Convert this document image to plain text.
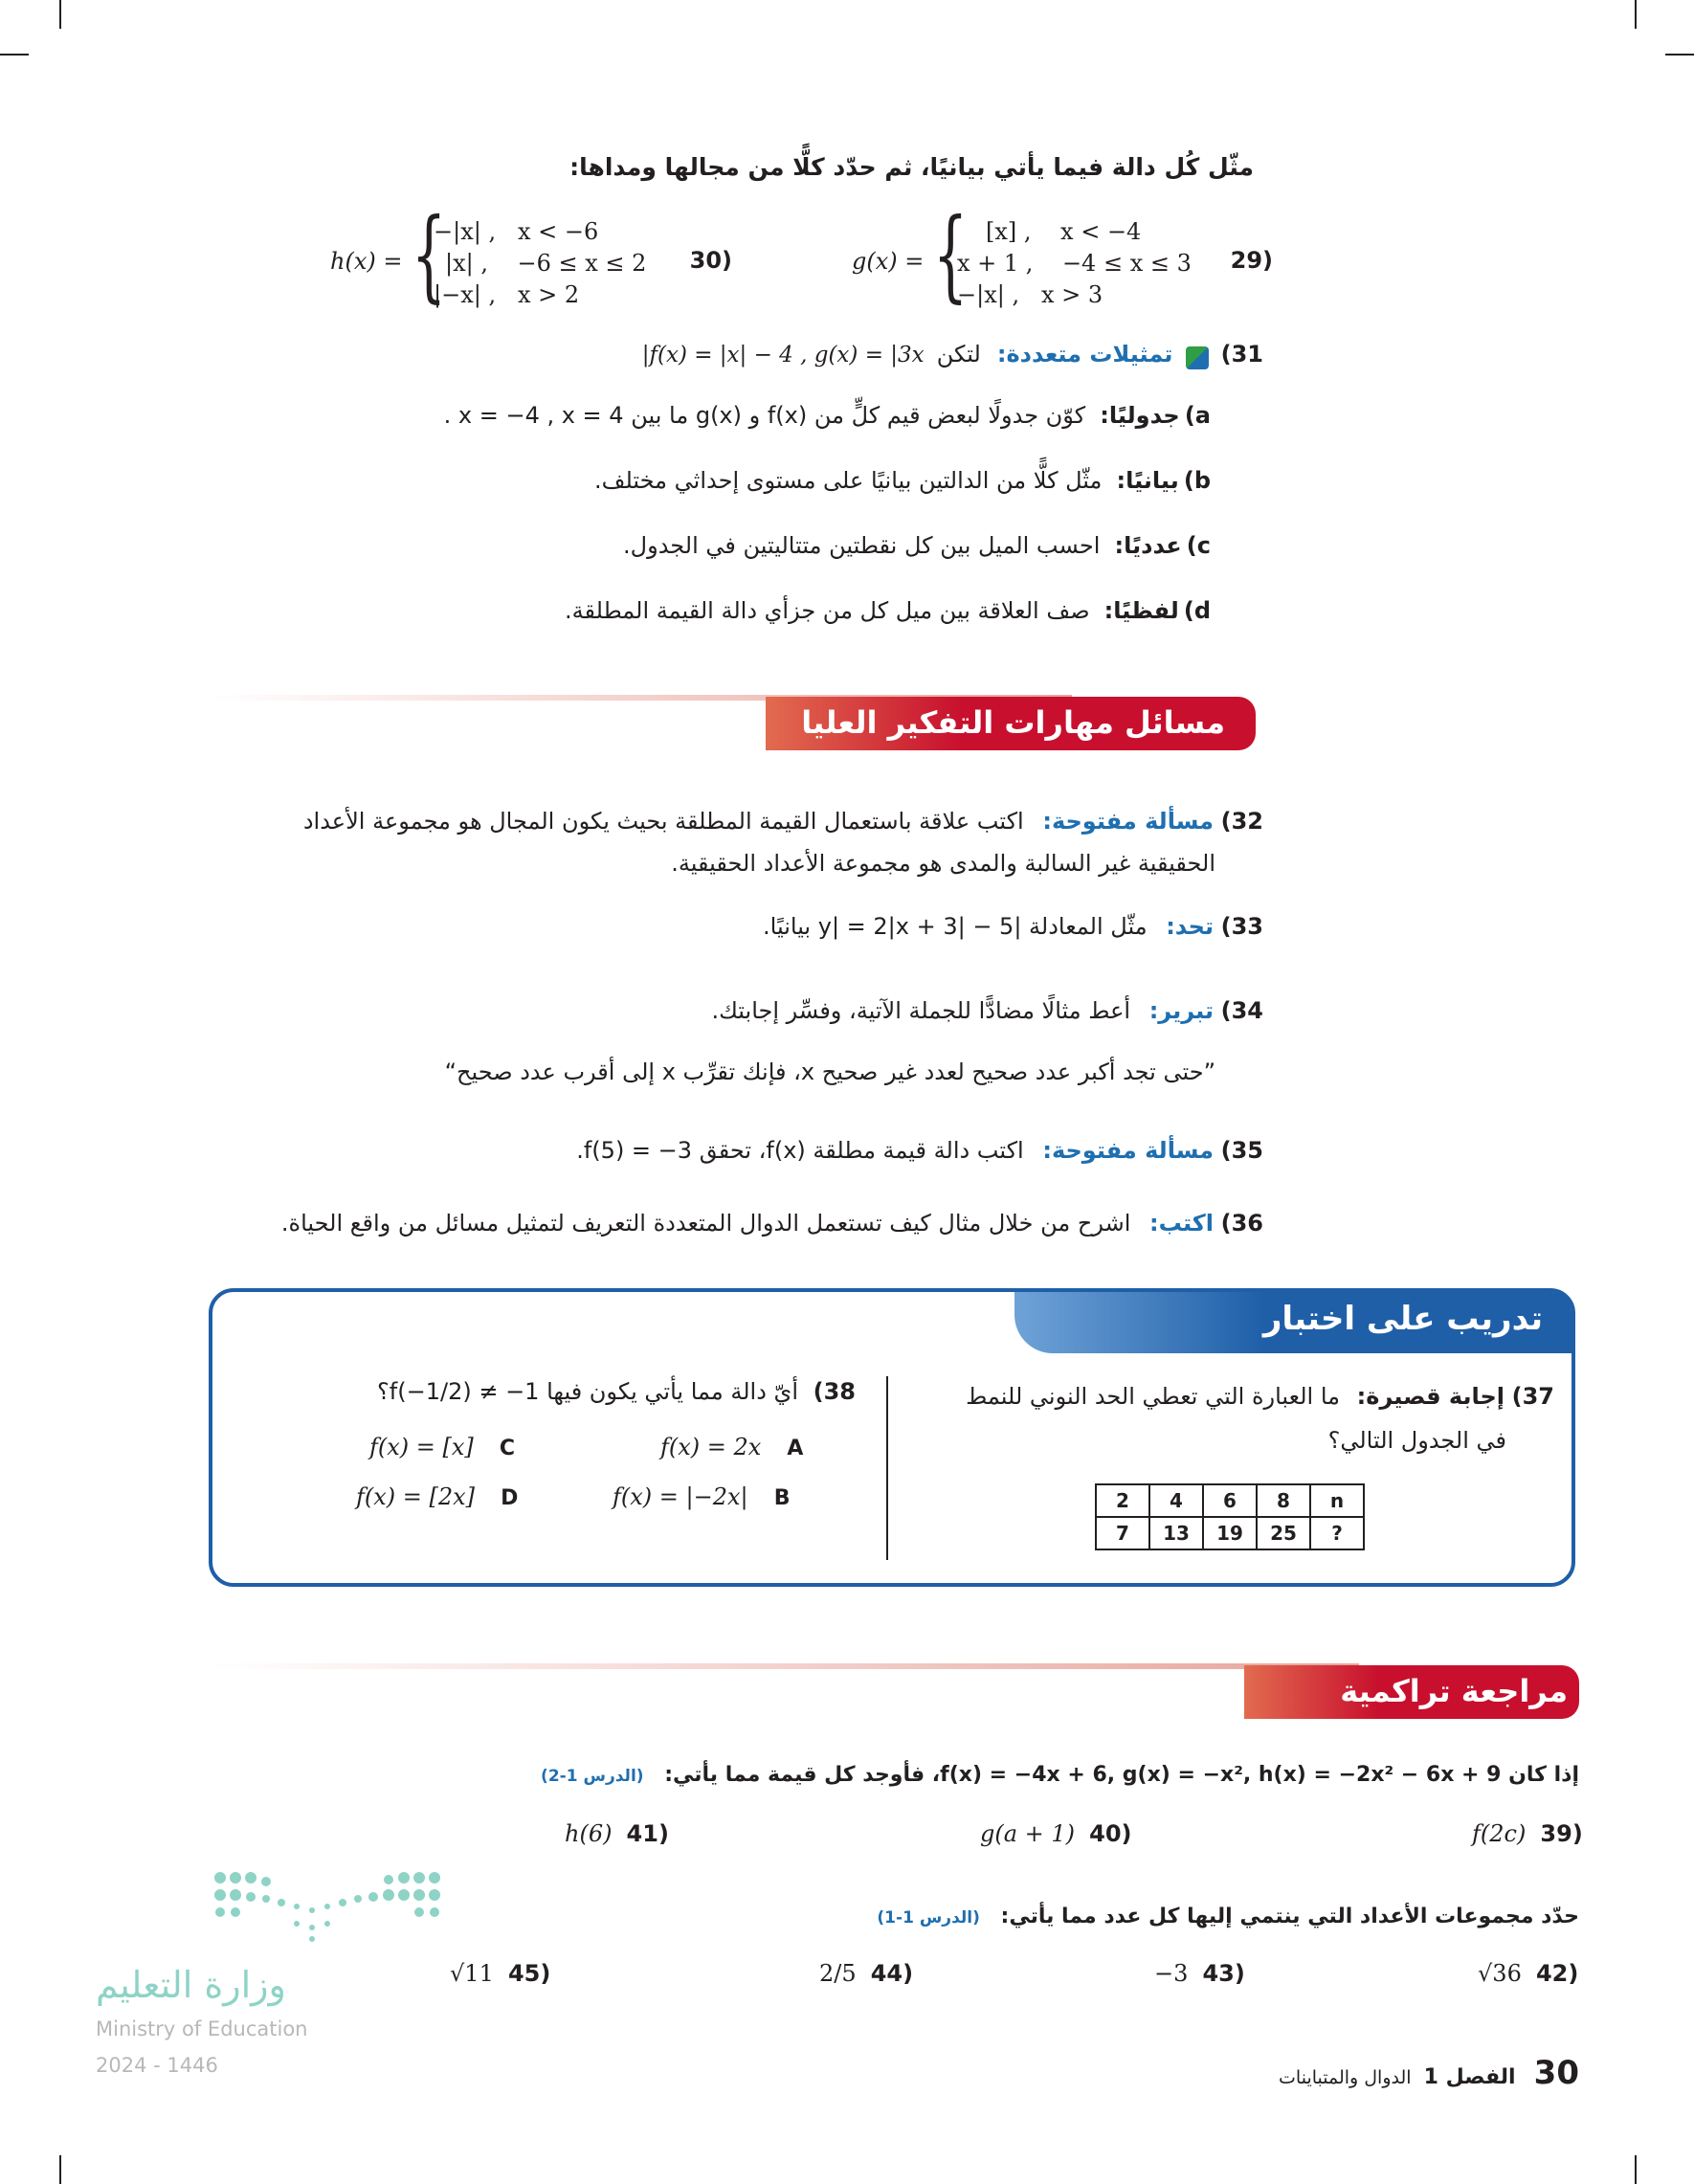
مثّل كُل دالة فيما يأتي بيانيًا، ثم حدّد كلًّا من مجالها ومداها:
29)
g(x) = { [x] ,    x < −4
x + 1 ,    −4 ≤ x ≤ 3
−|x| ,   x > 3
30)
h(x) = {
−|x| ,   x < −6
|x| ,    −6 ≤ x ≤ 2
|−x| ,   x > 2
31)  تمثيلات متعددة: لتكن f(x) = |x| − 4 , g(x) = |3x|
a) جدوليًا: كوّن جدولًا لبعض قيم كلٍّ من f(x) و g(x) ما بين x = −4 , x = 4 .
b) بيانيًا: مثّل كلًّا من الدالتين بيانيًا على مستوى إحداثي مختلف.
c) عدديًا: احسب الميل بين كل نقطتين متتاليتين في الجدول.
d) لفظيًا: صف العلاقة بين ميل كل من جزأي دالة القيمة المطلقة.
مسائل مهارات التفكير العليا
32) مسألة مفتوحة: اكتب علاقة باستعمال القيمة المطلقة بحيث يكون المجال هو مجموعة الأعداد
الحقيقية غير السالبة والمدى هو مجموعة الأعداد الحقيقية.
33) تحد: مثّل المعادلة |y| = 2|x + 3| − 5 بيانيًا.
34) تبرير: أعط مثالًا مضادًّا للجملة الآتية، وفسِّر إجابتك.
”حتى تجد أكبر عدد صحيح لعدد غير صحيح x، فإنك تقرِّب x إلى أقرب عدد صحيح“
35) مسألة مفتوحة: اكتب دالة قيمة مطلقة f(x)، تحقق f(5) = −3.
36) اكتب: اشرح من خلال مثال كيف تستعمل الدوال المتعددة التعريف لتمثيل مسائل من واقع الحياة.
تدريب على اختبار
37) إجابة قصيرة: ما العبارة التي تعطي الحد النوني للنمط
في الجدول التالي؟
2	4	6	8	n
7	13	19	25	?
38) أيّ دالة مما يأتي يكون فيها f(−1/2) ≠ −1؟
f(x) = 2x A
f(x) = |−2x| B
f(x) = [x] C
f(x) = [2x] D
مراجعة تراكمية
إذا كان f(x) = −4x + 6, g(x) = −x², h(x) = −2x² − 6x + 9، فأوجد كل قيمة مما يأتي: (الدرس 1-2)
f(2c) 39)
g(a + 1) 40)
h(6) 41)
حدّد مجموعات الأعداد التي ينتمي إليها كل عدد مما يأتي: (الدرس 1-1)
√36 42)
−3 43)
2/5 44)
√11 45)
وزارة التعليم
Ministry of Education
2024 - 1446	30 الفصل 1 الدوال والمتباينات
